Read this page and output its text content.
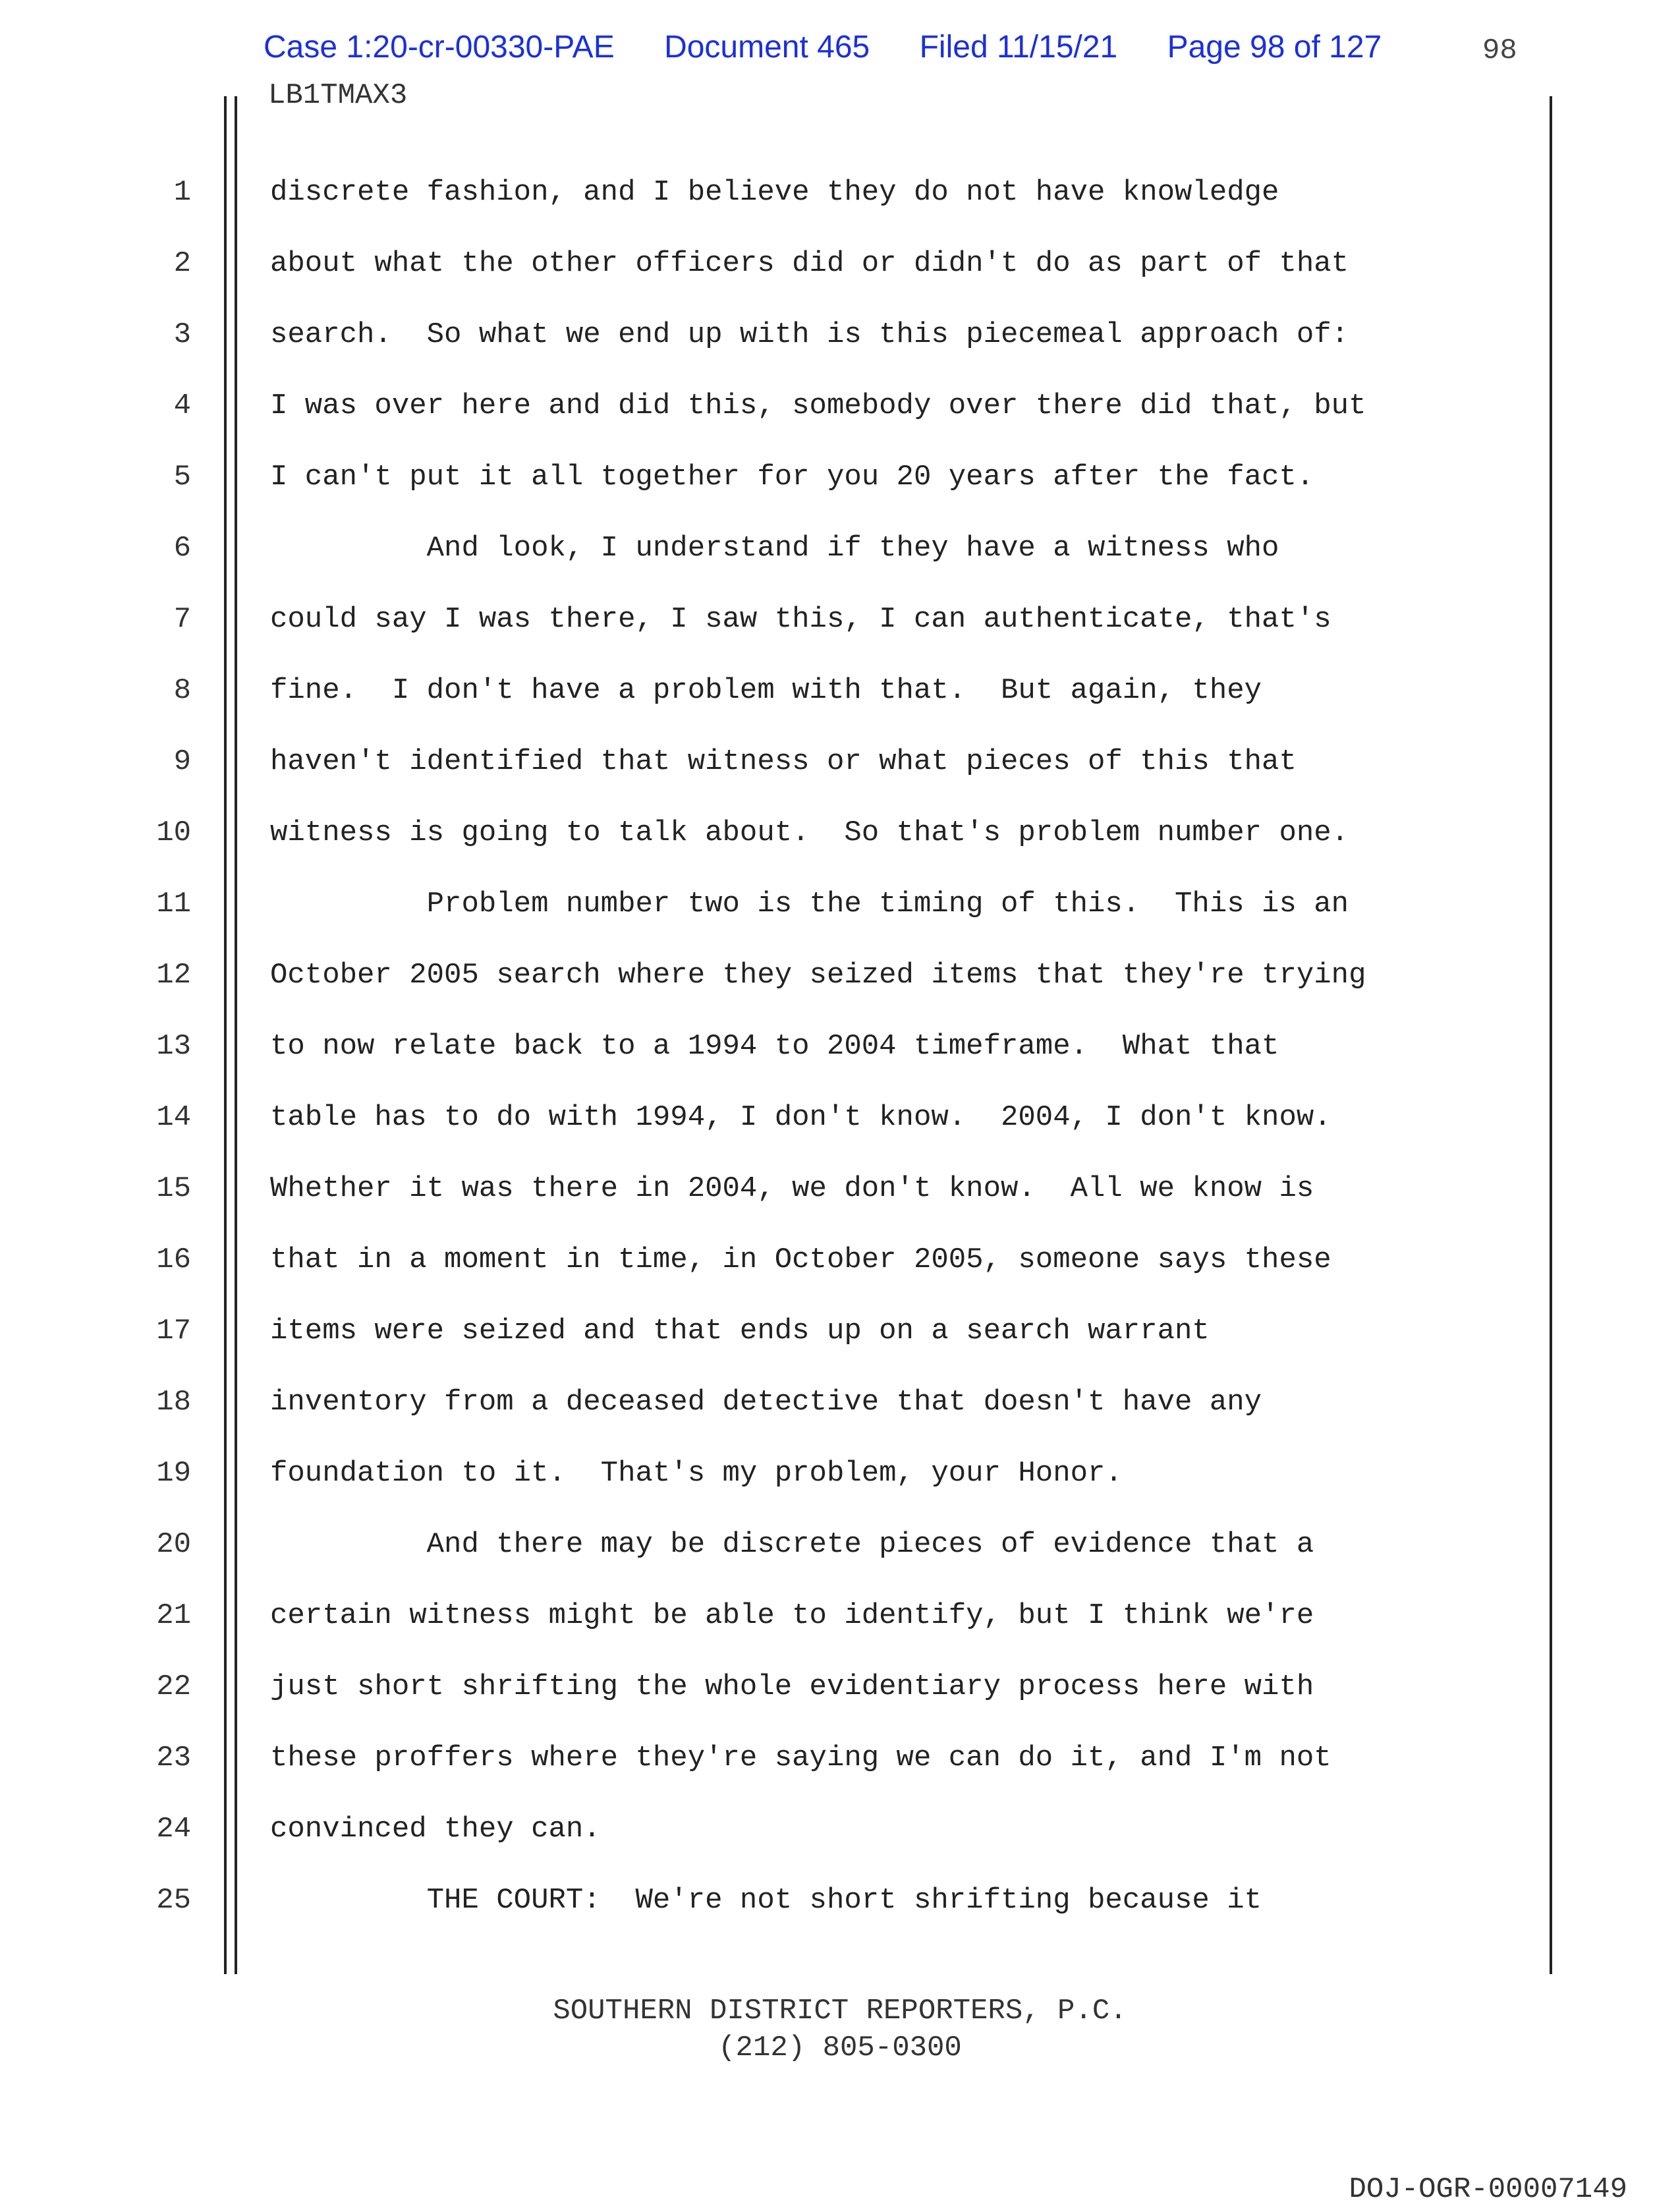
Case 1:20-cr-00330-PAE Document 465 Filed 11/15/21 Page 98 of 127	98
LB1TMAX3
1
2
3
4
5
6
7
8
9
10
11
12
13
14
15
16
17
18
19
20
21
22
23
24
25
discrete fashion, and I believe they do not have knowledge
about what the other officers did or didn't do as part of that
search.  So what we end up with is this piecemeal approach of:
I was over here and did this, somebody over there did that, but
I can't put it all together for you 20 years after the fact.
And look, I understand if they have a witness who
could say I was there, I saw this, I can authenticate, that's
fine.  I don't have a problem with that.  But again, they
haven't identified that witness or what pieces of this that
witness is going to talk about.  So that's problem number one.
Problem number two is the timing of this.  This is an
October 2005 search where they seized items that they're trying
to now relate back to a 1994 to 2004 timeframe.  What that
table has to do with 1994, I don't know.  2004, I don't know.
Whether it was there in 2004, we don't know.  All we know is
that in a moment in time, in October 2005, someone says these
items were seized and that ends up on a search warrant
inventory from a deceased detective that doesn't have any
foundation to it.  That's my problem, your Honor.
And there may be discrete pieces of evidence that a
certain witness might be able to identify, but I think we're
just short shrifting the whole evidentiary process here with
these proffers where they're saying we can do it, and I'm not
convinced they can.
THE COURT:  We're not short shrifting because it
SOUTHERN DISTRICT REPORTERS, P.C.
(212) 805-0300
DOJ-OGR-00007149
